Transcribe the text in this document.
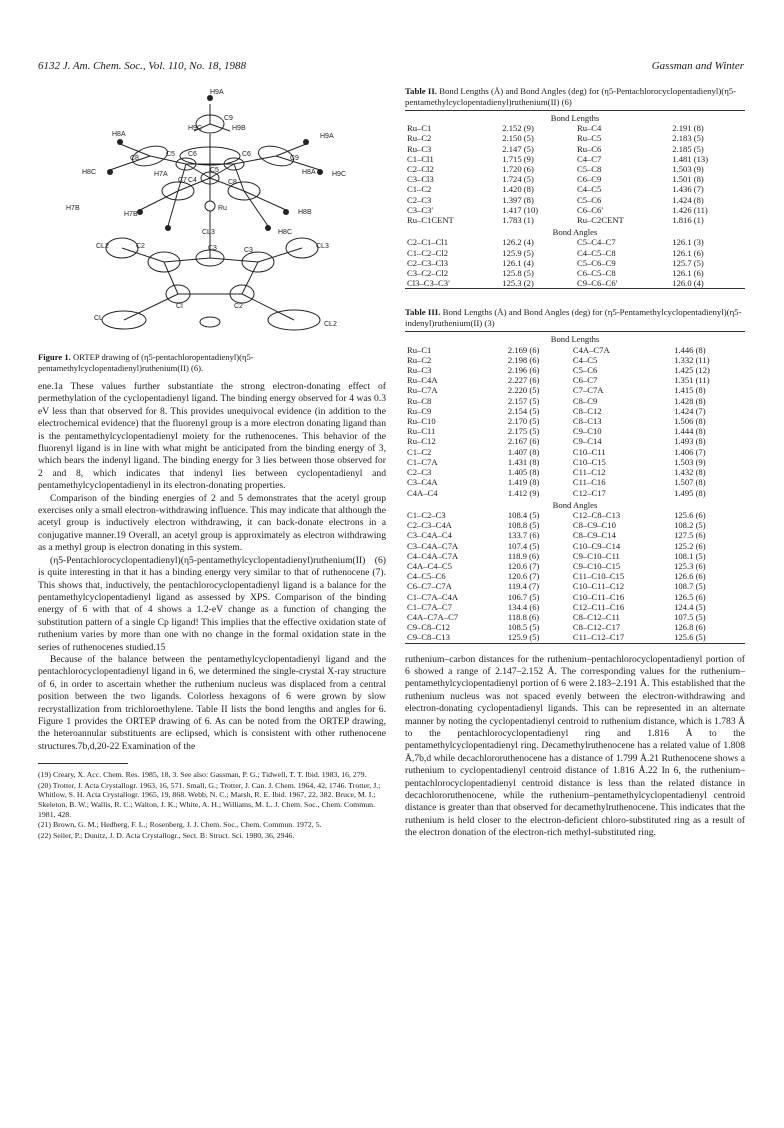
6132 J. Am. Chem. Soc., Vol. 110, No. 18, 1988	Gassman and Winter
H9A
H8A
C9
H9C	H9B
H9A
C8
C5 C6	C6
C9
H8C	H7A
C4
C5	H8A H9C
C7	C8
H7B	Ru
H8B
H7B
H8C
CL3
CL2	C2	C3	C3
CL3
CI	C2
CL
CL2
Figure 1. ORTEP drawing of (η5-pentachloropentadienyl)(η5-pentamethylcyclopentadienyl)ruthenium(II) (6).

ene.1a These values further substantiate the strong electron-donating effect of permethylation of the cyclopentadienyl ligand. The binding energy observed for 4 was 0.3 eV less than that observed for 8. This provides unequivocal evidence (in addition to the electrochemical evidence) that the fluorenyl group is a more electron donating ligand than is the pentamethylcyclopentadienyl moiety for the ruthenocenes. This behavior of the fluorenyl ligand is in line with what might be anticipated from the binding energy of 3, which bears the indenyl ligand. The binding energy for 3 lies between those observed for 2 and 8, which indicates that indenyl lies between cyclopentadienyl and pentamethylcyclopentadienyl in its electron-donating properties.

Comparison of the binding energies of 2 and 5 demonstrates that the acetyl group exercises only a small electron-withdrawing influence. This may indicate that although the acetyl group is inductively electron withdrawing, it can back-donate electrons in a conjugative manner.19 Overall, an acetyl group is approximately as electron withdrawing as a methyl group is electron donating in this system.

(η5-Pentachlorocyclopentadienyl)(η5-pentamethylcyclopentadienyl)ruthenium(II) (6) is quite interesting in that it has a binding energy very similar to that of ruthenocene (7). This shows that, inductively, the pentachlorocyclopentadienyl ligand is a balance for the pentamethylcyclopentadienyl ligand as assessed by XPS. Comparison of the binding energy of 6 with that of 4 shows a 1.2-eV change as a function of changing the substitution pattern of a single Cp ligand! This implies that the effective oxidation state of ruthenium varies by more than one with no change in the formal oxidation state in the series of ruthenocenes studied.15

Because of the balance between the pentamethylcyclopentadienyl ligand and the pentachlorocyclopentadienyl ligand in 6, we determined the single-crystal X-ray structure of 6, in order to ascertain whether the ruthenium nucleus was displaced from a central position between the two ligands. Colorless hexagons of 6 were grown by slow recrystallization from trichloroethylene. Table II lists the bond lengths and angles for 6. Figure 1 provides the ORTEP drawing of 6. As can be noted from the ORTEP drawing, the heteroannular substituents are eclipsed, which is consistent with other ruthenocene structures.7b,d,20-22 Examination of the

(19) Creary, X. Acc. Chem. Res. 1985, 18, 3. See also: Gassman, P. G.; Tidwell, T. T. Ibid. 1983, 16, 279.
(20) Trotter, J. Acta Crystallogr. 1963, 16, 571. Small, G.; Trotter, J. Can. J. Chem. 1964, 42, 1746. Trotter, J.; Whitlow, S. H. Acta Crystallogr. 1965, 19, 868. Webb, N. C.; Marsh, R. E. Ibid. 1967, 22, 382. Bruce, M. I.; Skeleton, B. W.; Wallis, R. C.; Walton, J. K.; White, A. H.; Williams, M. L. J. Chem. Soc., Chem. Commun. 1981, 428.
(21) Brown, G. M.; Hedberg, F. L.; Rosenberg, J. J. Chem. Soc., Chem. Commun. 1972, 5.
(22) Seiler, P.; Dunitz, J. D. Acta Crystallogr., Sect. B: Struct. Sci. 1980, 36, 2946.
Table II. Bond Lengths (Å) and Bond Angles (deg) for (η5-Pentachlorocyclopentadienyl)(η5-pentamethylcyclopentadienyl)ruthenium(II) (6)

Bond Lengths			
Ru–C1	2.152 (9)	Ru–C4	2.191 (8)
Ru–C2	2.150 (5)	Ru–C5	2.183 (5)
Ru–C3	2.147 (5)	Ru–C6	2.185 (5)
C1–Cl1	1.715 (9)	C4–C7	1.481 (13)
C2–Cl2	1.720 (6)	C5–C8	1.503 (9)
C3–Cl3	1.724 (5)	C6–C9	1.501 (8)
C1–C2	1.420 (8)	C4–C5	1.436 (7)
C2–C3	1.397 (8)	C5–C6	1.424 (8)
C3–C3′	1.417 (10)	C6–C6′	1.426 (11)
Ru–C1CENT	1.783 (1)	Ru–C2CENT	1.816 (1)
Bond Angles			
C2–C1–Cl1	126.2 (4)	C5–C4–C7	126.1 (3)
C1–C2–Cl2	125.9 (5)	C4–C5–C8	126.1 (6)
C2–C3–Cl3	126.1 (4)	C5–C6–C9	125.7 (5)
C3–C2–Cl2	125.8 (5)	C6–C5–C8	126.1 (6)
Cl3–C3–C3′	125.3 (2)	C9–C6–C6′	126.0 (4)

Table III. Bond Lengths (Å) and Bond Angles (deg) for (η5-Pentamethylcyclopentadienyl)(η5-indenyl)ruthenium(II) (3)

Bond Lengths			
Ru–C1	2.169 (6)	C4A–C7A	1.446 (8)
Ru–C2	2.198 (6)	C4–C5	1.332 (11)
Ru–C3	2.196 (6)	C5–C6	1.425 (12)
Ru–C4A	2.227 (6)	C6–C7	1.351 (11)
Ru–C7A	2.220 (5)	C7–C7A	1.415 (8)
Ru–C8	2.157 (5)	C8–C9	1.428 (8)
Ru–C9	2.154 (5)	C8–C12	1.424 (7)
Ru–C10	2.170 (5)	C8–C13	1.506 (8)
Ru–C11	2.175 (5)	C9–C10	1.444 (8)
Ru–C12	2.167 (6)	C9–C14	1.493 (8)
C1–C2	1.407 (8)	C10–C11	1.406 (7)
C1–C7A	1.431 (8)	C10–C15	1.503 (9)
C2–C3	1.405 (8)	C11–C12	1.432 (8)
C3–C4A	1.419 (8)	C11–C16	1.507 (8)
C4A–C4	1.412 (9)	C12–C17	1.495 (8)
Bond Angles			
C1–C2–C3	108.4 (5)	C12–C8–C13	125.6 (6)
C2–C3–C4A	108.8 (5)	C8–C9–C10	108.2 (5)
C3–C4A–C4	133.7 (6)	C8–C9–C14	127.5 (6)
C3–C4A–C7A	107.4 (5)	C10–C9–C14	125.2 (6)
C4–C4A–C7A	118.9 (6)	C9–C10–C11	108.1 (5)
C4A–C4–C5	120.6 (7)	C9–C10–C15	125.3 (6)
C4–C5–C6	120.6 (7)	C11–C10–C15	126.6 (6)
C6–C7–C7A	119.4 (7)	C10–C11–C12	108.7 (5)
C1–C7A–C4A	106.7 (5)	C10–C11–C16	126.5 (6)
C1–C7A–C7	134.4 (6)	C12–C11–C16	124.4 (5)
C4A–C7A–C7	118.8 (6)	C8–C12–C11	107.5 (5)
C9–C8–C12	108.5 (5)	C8–C12–C17	126.8 (6)
C9–C8–C13	125.9 (5)	C11–C12–C17	125.6 (5)

ruthenium–carbon distances for the ruthenium–pentachlorocyclopentadienyl portion of 6 showed a range of 2.147–2.152 Å. The corresponding values for the ruthenium–pentamethylcyclopentadienyl portion of 6 were 2.183–2.191 Å. This established that the ruthenium nucleus was not spaced evenly between the electron-withdrawing and electron-donating cyclopentadienyl ligands. This can be represented in an alternate manner by noting the cyclopentadienyl centroid to ruthenium distance, which is 1.783 Å to the pentachlorocyclopentadienyl ring and 1.816 Å to the pentamethylcyclopentadienyl ring. Decamethylruthenocene has a related value of 1.808 Å,7b,d while decachlororuthenocene has a distance of 1.799 Å.21 Ruthenocene shows a ruthenium to cyclopentadienyl centroid distance of 1.816 Å.22 In 6, the ruthenium–pentachlorocyclopentadienyl centroid distance is less than the related distance in decachlororuthenocene, while the ruthenium–pentamethylcyclopentadienyl centroid distance is greater than that observed for decamethylruthenocene. This indicates that the ruthenium is held closer to the electron-deficient chloro-substituted ring as a result of the electron donation of the electron-rich methyl-substituted ring.
